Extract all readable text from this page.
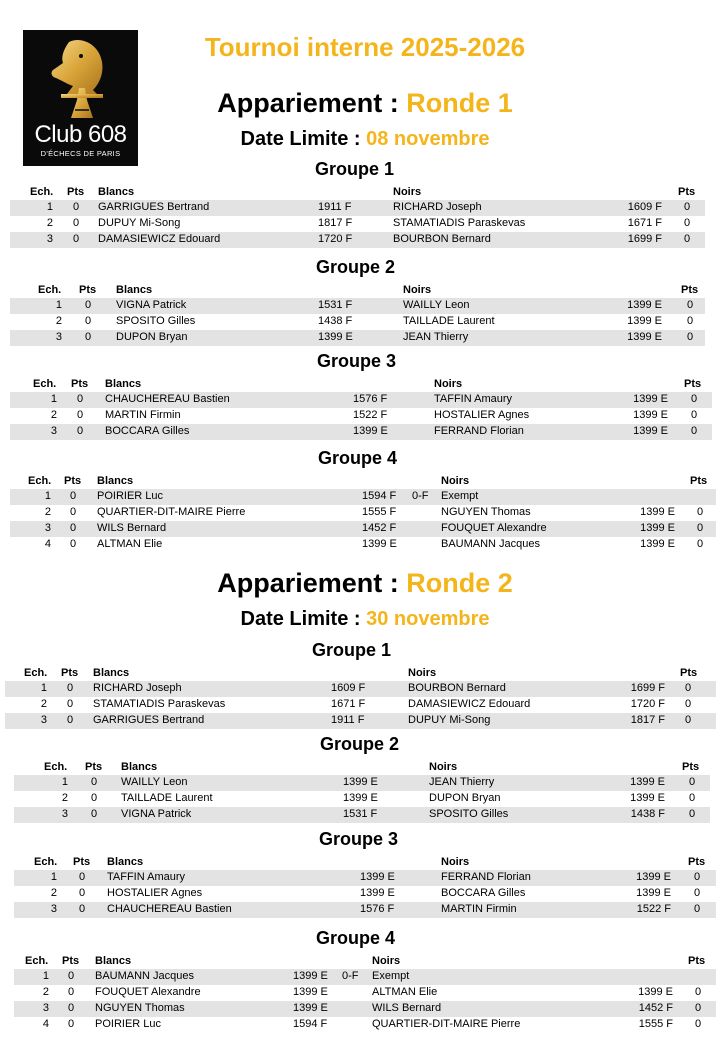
Club 608
D'ÉCHECS DE PARIS
Tournoi interne 2025-2026
Appariement : Ronde 1
Date Limite : 08 novembre
Groupe 1
Ech. Pts Blancs	Noirs	Pts
1 0 GARRIGUES Bertrand	1911 F	RICHARD Joseph	1609 F 0
2 0 DUPUY Mi-Song	1817 F	STAMATIADIS Paraskevas	1671 F 0
3 0 DAMASIEWICZ Edouard	1720 F	BOURBON Bernard	1699 F 0
Groupe 2
Ech. Pts Blancs	Noirs	Pts
1 0 VIGNA Patrick	1531 F	WAILLY Leon	1399 E 0
2 0 SPOSITO Gilles	1438 F	TAILLADE Laurent	1399 E 0
3 0 DUPON Bryan	1399 E	JEAN Thierry	1399 E 0
Groupe 3
Ech. Pts Blancs	Noirs	Pts
1 0 CHAUCHEREAU Bastien	1576 F	TAFFIN Amaury	1399 E 0
2 0 MARTIN Firmin	1522 F	HOSTALIER Agnes	1399 E 0
3 0 BOCCARA Gilles	1399 E	FERRAND Florian	1399 E 0
Groupe 4
Ech. Pts Blancs	Noirs	Pts
1 0 POIRIER Luc	1594 F 0-F Exempt
2 0 QUARTIER-DIT-MAIRE Pierre	1555 F	NGUYEN Thomas	1399 E 0
3 0 WILS Bernard	1452 F	FOUQUET Alexandre	1399 E 0
4 0 ALTMAN Elie	1399 E	BAUMANN Jacques	1399 E 0
Appariement : Ronde 2
Date Limite : 30 novembre
Groupe 1
Ech. Pts Blancs	Noirs	Pts
1 0 RICHARD Joseph	1609 F	BOURBON Bernard	1699 F 0
2 0 STAMATIADIS Paraskevas	1671 F	DAMASIEWICZ Edouard	1720 F 0
3 0 GARRIGUES Bertrand	1911 F	DUPUY Mi-Song	1817 F 0
Groupe 2
Ech. Pts Blancs	Noirs	Pts
1 0 WAILLY Leon	1399 E	JEAN Thierry	1399 E 0
2 0 TAILLADE Laurent	1399 E	DUPON Bryan	1399 E 0
3 0 VIGNA Patrick	1531 F	SPOSITO Gilles	1438 F 0
Groupe 3
Ech. Pts Blancs	Noirs	Pts
1 0 TAFFIN Amaury	1399 E	FERRAND Florian	1399 E 0
2 0 HOSTALIER Agnes	1399 E	BOCCARA Gilles	1399 E 0
3 0 CHAUCHEREAU Bastien	1576 F	MARTIN Firmin	1522 F 0
Groupe 4
Ech. Pts Blancs	Noirs	Pts
1 0 BAUMANN Jacques	1399 E 0-F Exempt
2 0 FOUQUET Alexandre	1399 E	ALTMAN Elie	1399 E 0
3 0 NGUYEN Thomas	1399 E	WILS Bernard	1452 F 0
4 0 POIRIER Luc	1594 F	QUARTIER-DIT-MAIRE Pierre	1555 F 0
